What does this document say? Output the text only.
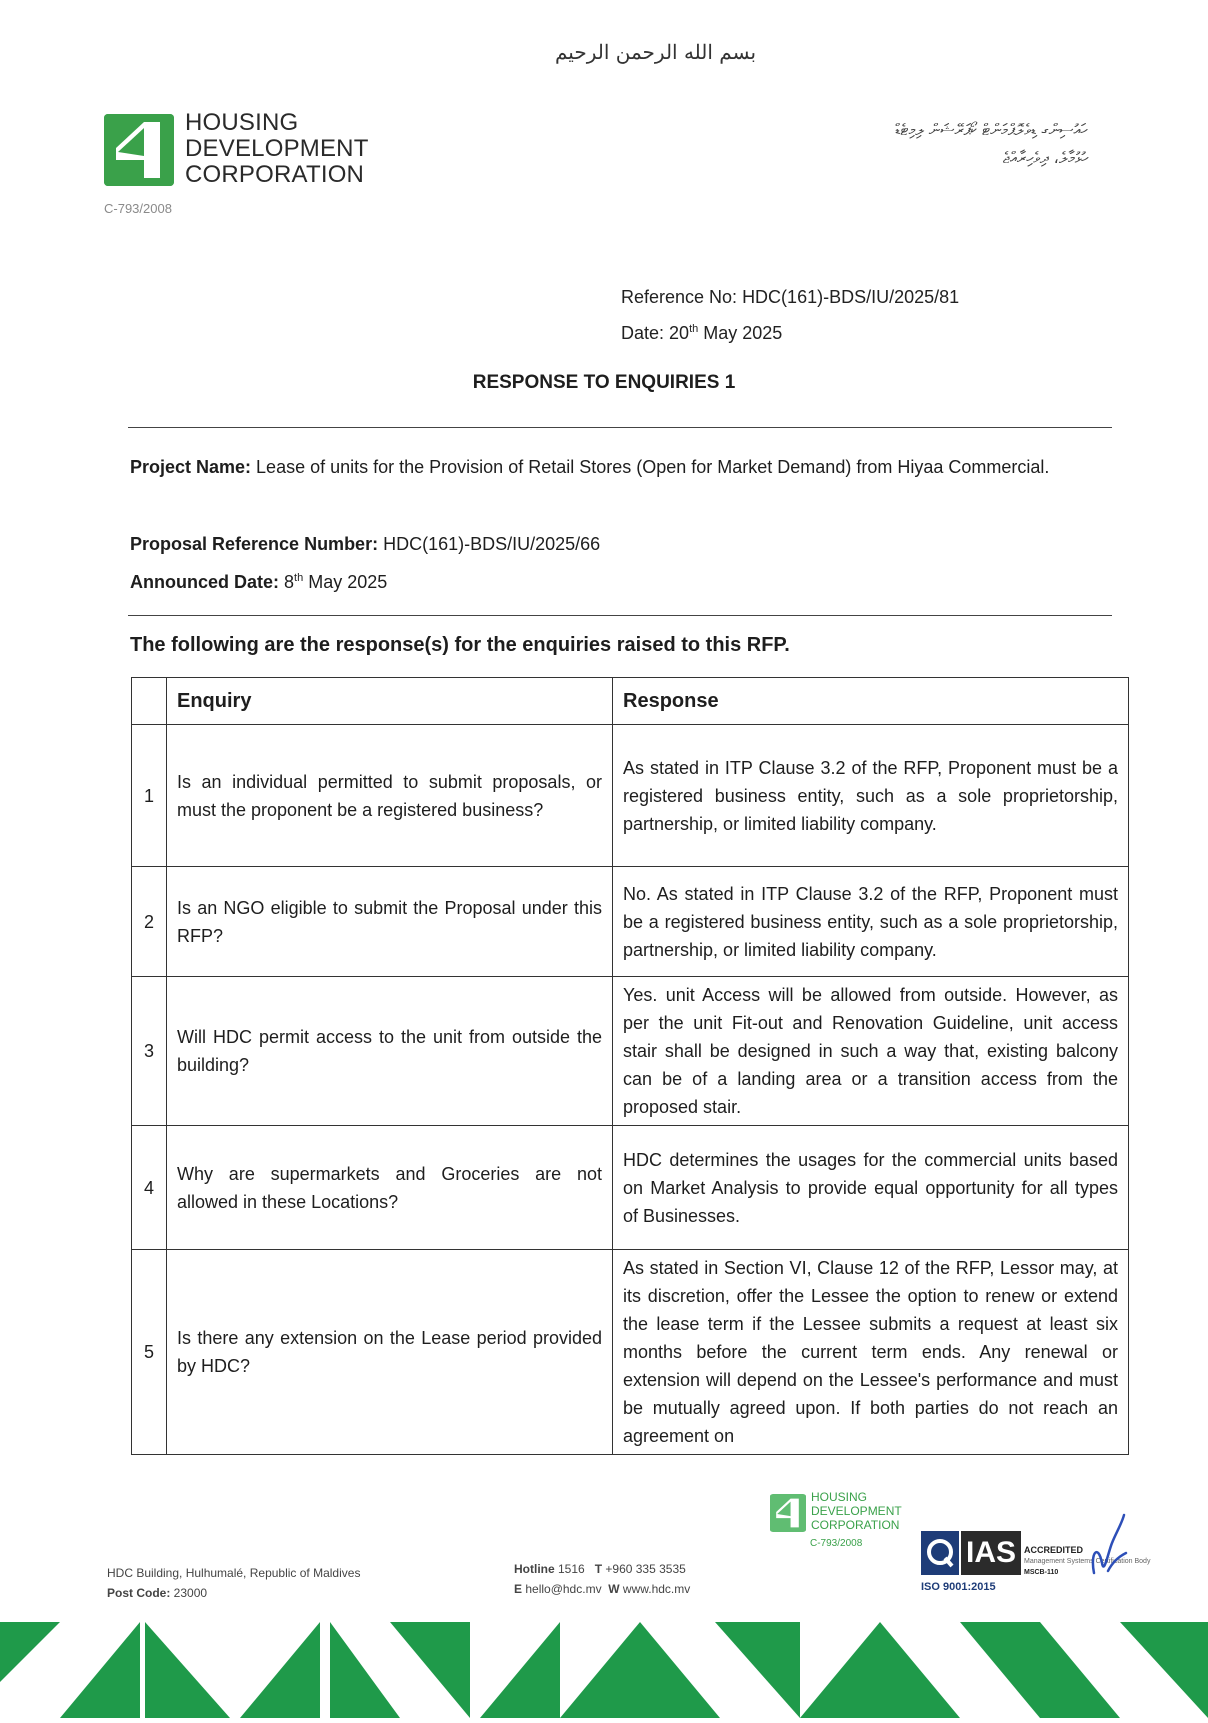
بسم الله الرحمن الرحيم
HOUSING
DEVELOPMENT
CORPORATION
C-793/2008
ހައުސިންގ ޑިވެލޮޕްމަންޓް ކޯޕަރޭޝަން ލިމިޓެޑް
ހުޅުމާލެ، ދިވެހިރާއްޖެ
Reference No: HDC(161)-BDS/IU/2025/81
Date: 20th May 2025
RESPONSE TO ENQUIRIES 1
Project Name: Lease of units for the Provision of Retail Stores (Open for Market Demand) from Hiyaa Commercial.
Proposal Reference Number: HDC(161)-BDS/IU/2025/66
Announced Date: 8th May 2025
The following are the response(s) for the enquiries raised to this RFP.
	Enquiry	Response
1	Is an individual permitted to submit proposals, or must the proponent be a registered business?	As stated in ITP Clause 3.2 of the RFP, Proponent must be a registered business entity, such as a sole proprietorship, partnership, or limited liability company.
2	Is an NGO eligible to submit the Proposal under this RFP?	No. As stated in ITP Clause 3.2 of the RFP, Proponent must be a registered business entity, such as a sole proprietorship, partnership, or limited liability company.
3	Will HDC permit access to the unit from outside the building?	Yes. unit Access will be allowed from outside. However, as per the unit Fit-out and Renovation Guideline, unit access stair shall be designed in such a way that, existing balcony can be of a landing area or a transition access from the proposed stair.
4	Why are supermarkets and Groceries are not allowed in these Locations?	HDC determines the usages for the commercial units based on Market Analysis to provide equal opportunity for all types of Businesses.
5	Is there any extension on the Lease period provided by HDC?	As stated in Section VI, Clause 12 of the RFP, Lessor may, at its discretion, offer the Lessee the option to renew or extend the lease term if the Lessee submits a request at least six months before the current term ends. Any renewal or extension will depend on the Lessee's performance and must be mutually agreed upon. If both parties do not reach an agreement on
HOUSING
DEVELOPMENT
CORPORATION
C-793/2008
HDC Building, Hulhumalé, Republic of Maldives
Post Code: 23000
Hotline 1516 T +960 335 3535
E hello@hdc.mv W www.hdc.mv
IAS ACCREDITED
Management Systems Certification Body
MSCB-110
ISO 9001:2015
